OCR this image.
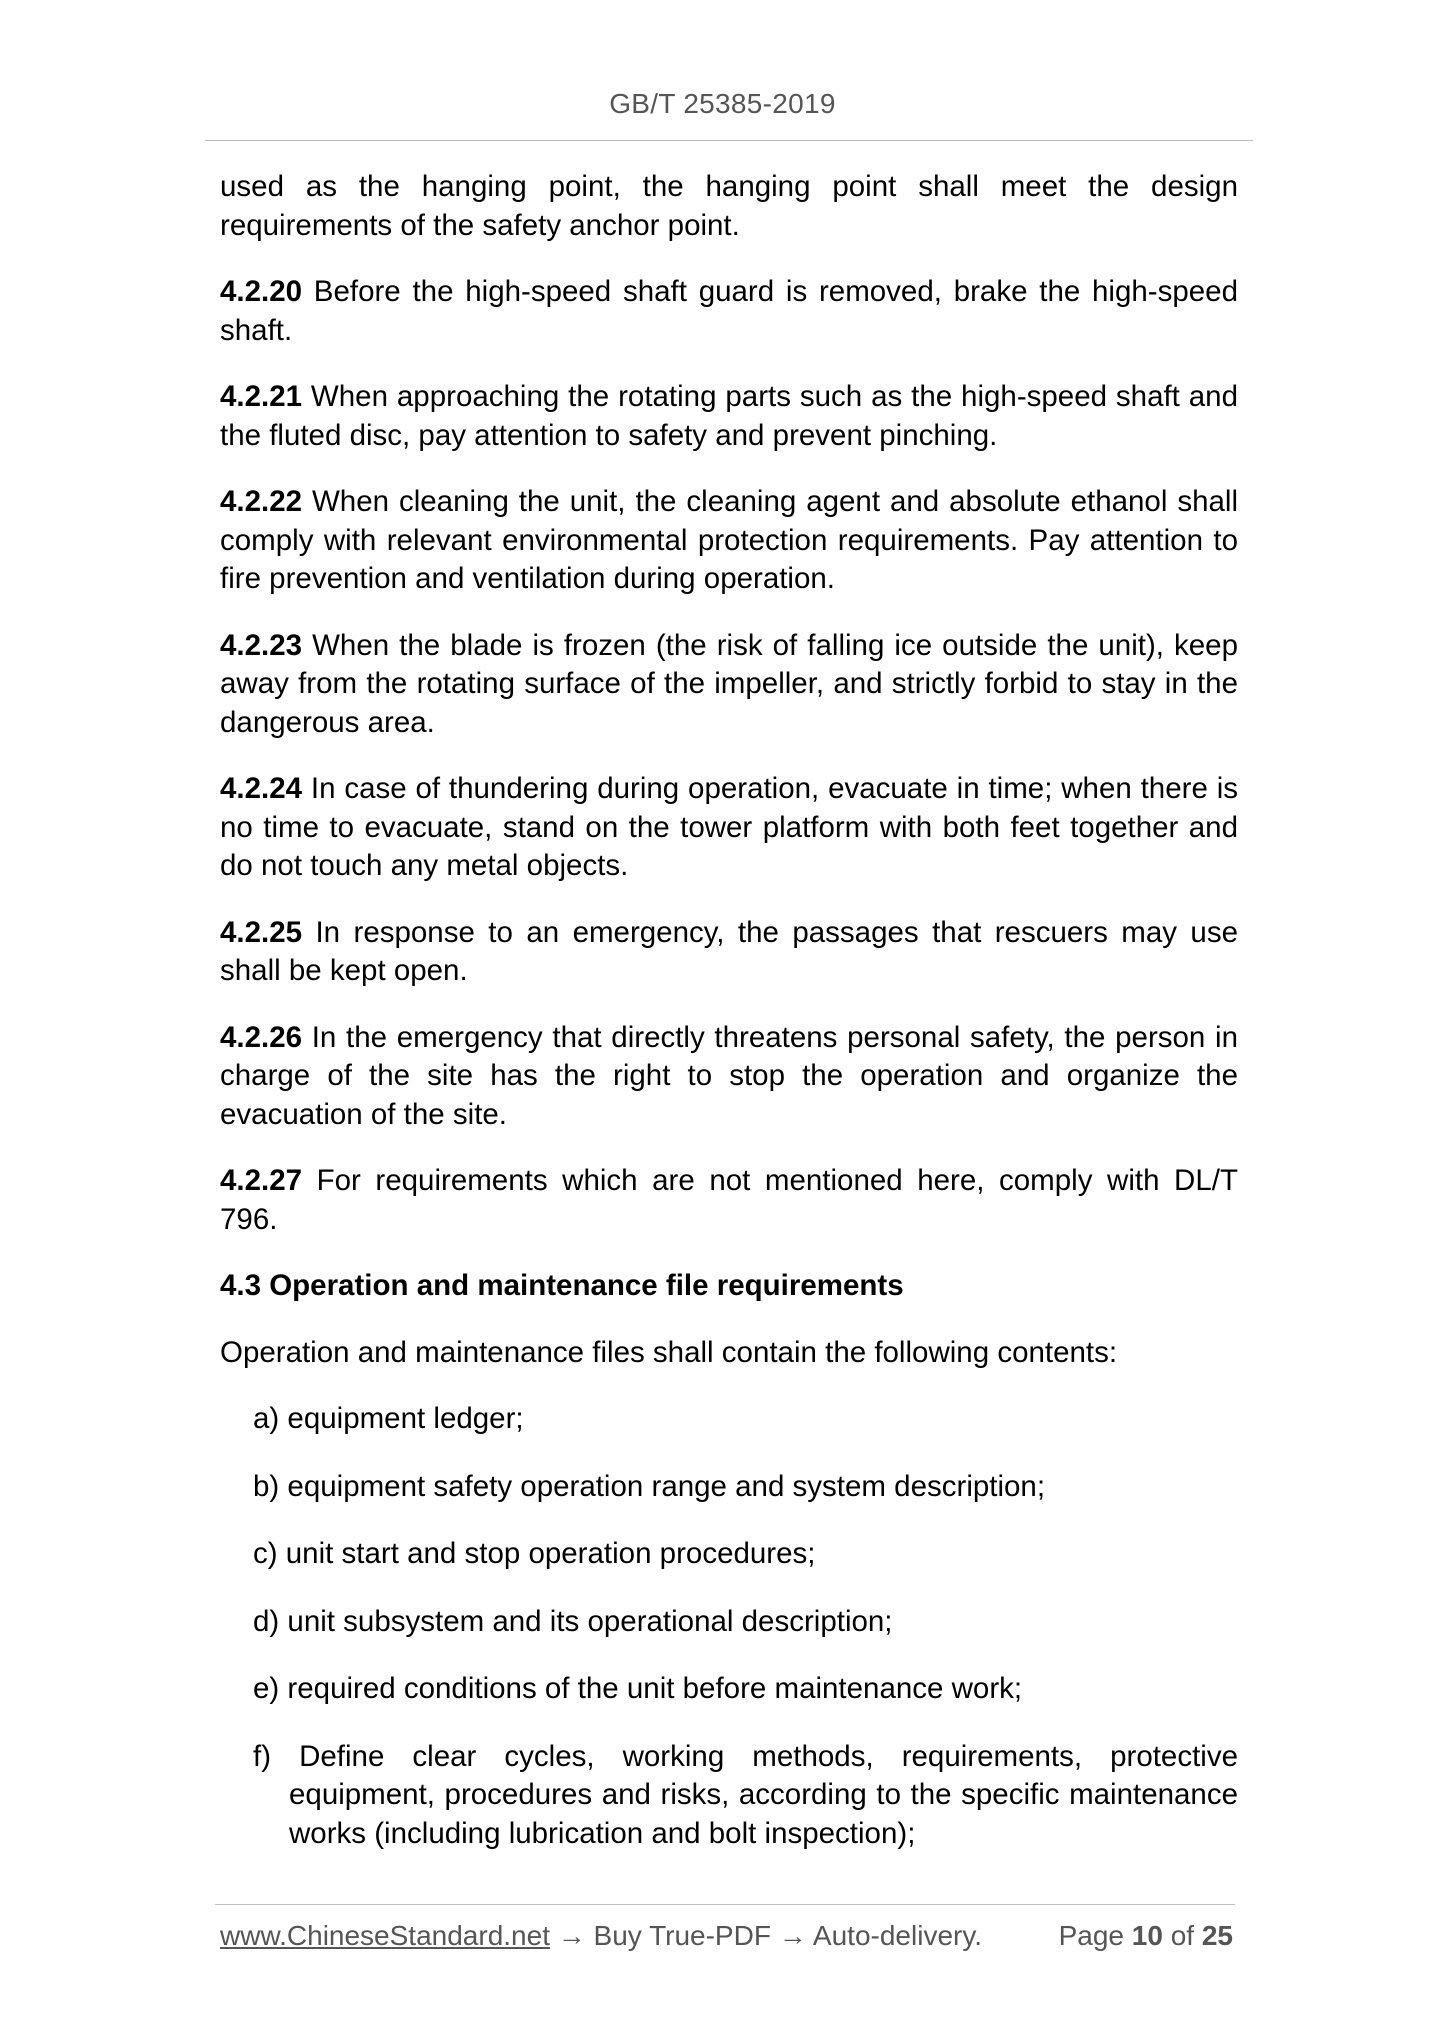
GB/T 25385-2019

used as the hanging point, the hanging point shall meet the design requirements of the safety anchor point.

4.2.20 Before the high-speed shaft guard is removed, brake the high-speed shaft.

4.2.21 When approaching the rotating parts such as the high-speed shaft and the fluted disc, pay attention to safety and prevent pinching.

4.2.22 When cleaning the unit, the cleaning agent and absolute ethanol shall comply with relevant environmental protection requirements. Pay attention to fire prevention and ventilation during operation.

4.2.23 When the blade is frozen (the risk of falling ice outside the unit), keep away from the rotating surface of the impeller, and strictly forbid to stay in the dangerous area.

4.2.24 In case of thundering during operation, evacuate in time; when there is no time to evacuate, stand on the tower platform with both feet together and do not touch any metal objects.

4.2.25 In response to an emergency, the passages that rescuers may use shall be kept open.

4.2.26 In the emergency that directly threatens personal safety, the person in charge of the site has the right to stop the operation and organize the evacuation of the site.

4.2.27 For requirements which are not mentioned here, comply with DL/T 796.

4.3 Operation and maintenance file requirements

Operation and maintenance files shall contain the following contents:

a) equipment ledger;
b) equipment safety operation range and system description;
c) unit start and stop operation procedures;
d) unit subsystem and its operational description;
e) required conditions of the unit before maintenance work;
f) Define clear cycles, working methods, requirements, protective equipment, procedures and risks, according to the specific maintenance works (including lubrication and bolt inspection);
www.ChineseStandard.net → Buy True-PDF → Auto-delivery.	Page 10 of 25
